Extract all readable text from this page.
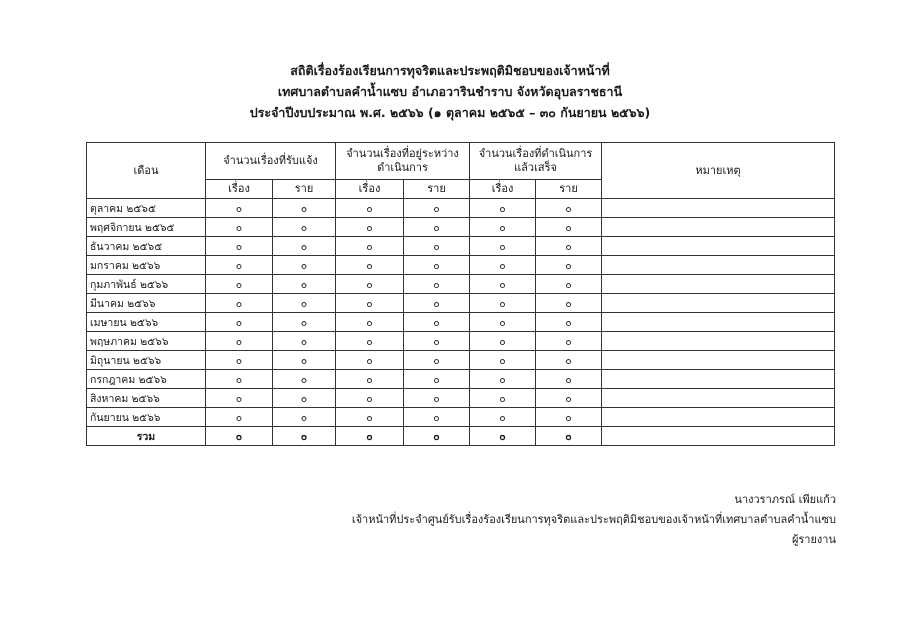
สถิติเรื่องร้องเรียนการทุจริตและประพฤติมิชอบของเจ้าหน้าที่
เทศบาลตำบลคำน้ำแซบ อำเภอวารินชำราบ จังหวัดอุบลราชธานี
ประจำปีงบประมาณ พ.ศ. ๒๕๖๖ (๑ ตุลาคม ๒๕๖๕ – ๓๐ กันยายน ๒๕๖๖)
เดือน	จำนวนเรื่องที่รับแจ้ง		จำนวนเรื่องที่อยู่ระหว่างดำเนินการ		จำนวนเรื่องที่ดำเนินการแล้วเสร็จ		หมายเหตุ
	เรื่อง	ราย	เรื่อง	ราย	เรื่อง	ราย	
ตุลาคม ๒๕๖๕	๐	๐	๐	๐	๐	๐	
พฤศจิกายน ๒๕๖๕	๐	๐	๐	๐	๐	๐	
ธันวาคม ๒๕๖๕	๐	๐	๐	๐	๐	๐	
มกราคม ๒๕๖๖	๐	๐	๐	๐	๐	๐	
กุมภาพันธ์ ๒๕๖๖	๐	๐	๐	๐	๐	๐	
มีนาคม ๒๕๖๖	๐	๐	๐	๐	๐	๐	
เมษายน ๒๕๖๖	๐	๐	๐	๐	๐	๐	
พฤษภาคม ๒๕๖๖	๐	๐	๐	๐	๐	๐	
มิถุนายน ๒๕๖๖	๐	๐	๐	๐	๐	๐	
กรกฎาคม ๒๕๖๖	๐	๐	๐	๐	๐	๐	
สิงหาคม ๒๕๖๖	๐	๐	๐	๐	๐	๐	
กันยายน ๒๕๖๖	๐	๐	๐	๐	๐	๐	
รวม	๐	๐	๐	๐	๐	๐	
นางวราภรณ์ เพียแก้ว
เจ้าหน้าที่ประจำศูนย์รับเรื่องร้องเรียนการทุจริตและประพฤติมิชอบของเจ้าหน้าที่เทศบาลตำบลคำน้ำแซบ
ผู้รายงาน
